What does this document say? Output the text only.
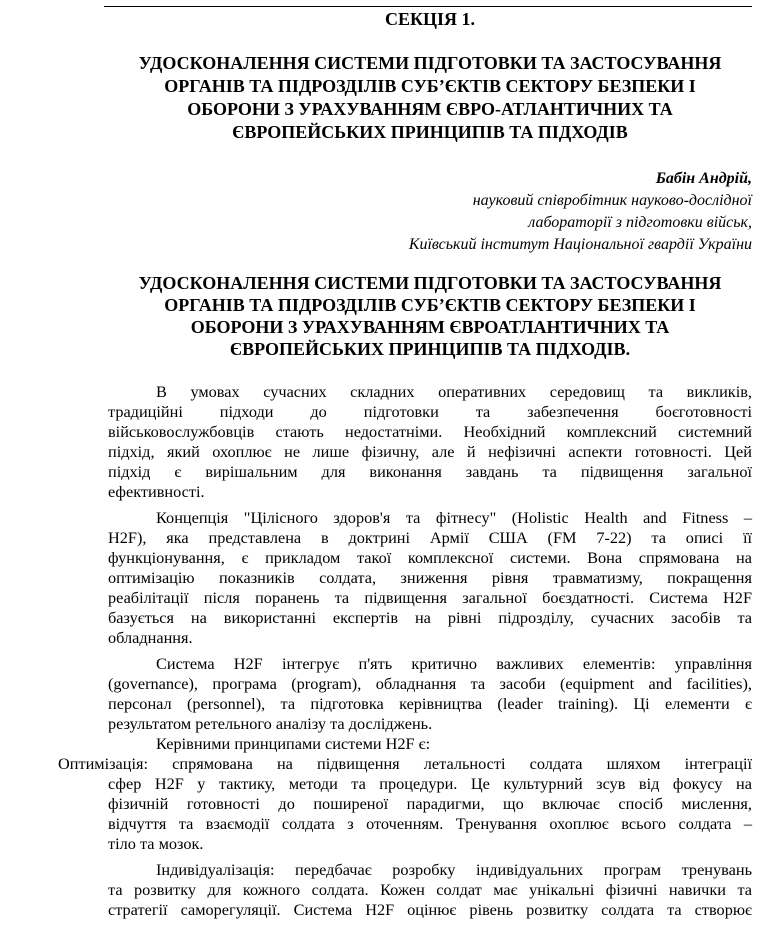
СЕКЦІЯ 1.

УДОСКОНАЛЕННЯ СИСТЕМИ ПІДГОТОВКИ ТА ЗАСТОСУВАННЯ
ОРГАНІВ ТА ПІДРОЗДІЛІВ СУБ’ЄКТІВ СЕКТОРУ БЕЗПЕКИ І
ОБОРОНИ З УРАХУВАННЯМ ЄВРО-АТЛАНТИЧНИХ ТА
ЄВРОПЕЙСЬКИХ ПРИНЦИПІВ ТА ПІДХОДІВ

Бабін Андрій,
науковий співробітник науково-дослідної
лабораторії з підготовки військ,
Київський інститут Національної гвардії України

УДОСКОНАЛЕННЯ СИСТЕМИ ПІДГОТОВКИ ТА ЗАСТОСУВАННЯ
ОРГАНІВ ТА ПІДРОЗДІЛІВ СУБ’ЄКТІВ СЕКТОРУ БЕЗПЕКИ І
ОБОРОНИ З УРАХУВАННЯМ ЄВРОАТЛАНТИЧНИХ ТА
ЄВРОПЕЙСЬКИХ ПРИНЦИПІВ ТА ПІДХОДІВ.

В умовах сучасних складних оперативних середовищ та викликів,
традиційні підходи до підготовки та забезпечення боєготовності
військовослужбовців стають недостатніми. Необхідний комплексний системний
підхід, який охоплює не лише фізичну, але й нефізичні аспекти готовності. Цей
підхід є вирішальним для виконання завдань та підвищення загальної
ефективності.

Концепція "Цілісного здоров'я та фітнесу" (Holistic Health and Fitness –
H2F), яка представлена в доктрині Армії США (FM 7-22) та описі її
функціонування, є прикладом такої комплексної системи. Вона спрямована на
оптимізацію показників солдата, зниження рівня травматизму, покращення
реабілітації після поранень та підвищення загальної боєздатності. Система H2F
базується на використанні експертів на рівні підрозділу, сучасних засобів та
обладнання.

Система H2F інтегрує п'ять критично важливих елементів: управління
(governance), програма (program), обладнання та засоби (equipment and facilities),
персонал (personnel), та підготовка керівництва (leader training). Ці елементи є
результатом ретельного аналізу та досліджень.

Керівними принципами системи H2F є:

Оптимізація: спрямована на підвищення летальності солдата шляхом інтеграції
сфер H2F у тактику, методи та процедури. Це культурний зсув від фокусу на
фізичній готовності до поширеної парадигми, що включає спосіб мислення,
відчуття та взаємодії солдата з оточенням. Тренування охоплює всього солдата –
тіло та мозок.

Індивідуалізація: передбачає розробку індивідуальних програм тренувань
та розвитку для кожного солдата. Кожен солдат має унікальні фізичні навички та
стратегії саморегуляції. Система H2F оцінює рівень розвитку солдата та створює
